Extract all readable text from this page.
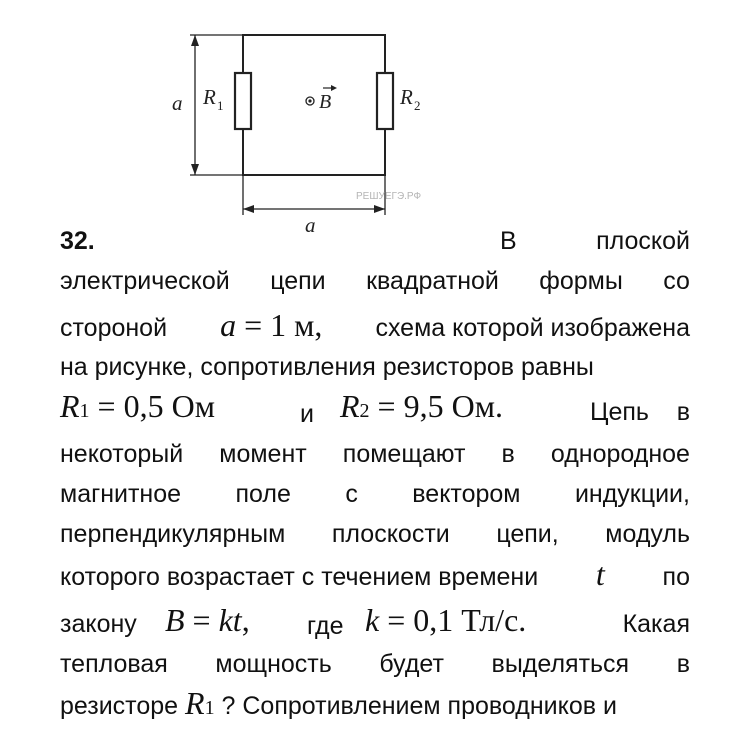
a
a
R 1	R 2
B
РЕШУЕГЭ.РФ
32.	В	плоской
электрической цепи квадратной формы со
стороной a = 1 м, схема которой изображена
на рисунке, сопротивления резисторов равны
R1 = 0,5 Ом	и R2 = 9,5 Ом.	Цепь в
некоторый момент помещают в однородное
магнитное поле с вектором индукции,
перпендикулярным плоскости цепи, модуль
которого возрастает с течением времени t по
закону B = kt, где k = 0,1 Тл/с.	Какая
тепловая мощность будет выделяться в
резисторе R1 ? Сопротивлением проводников и
